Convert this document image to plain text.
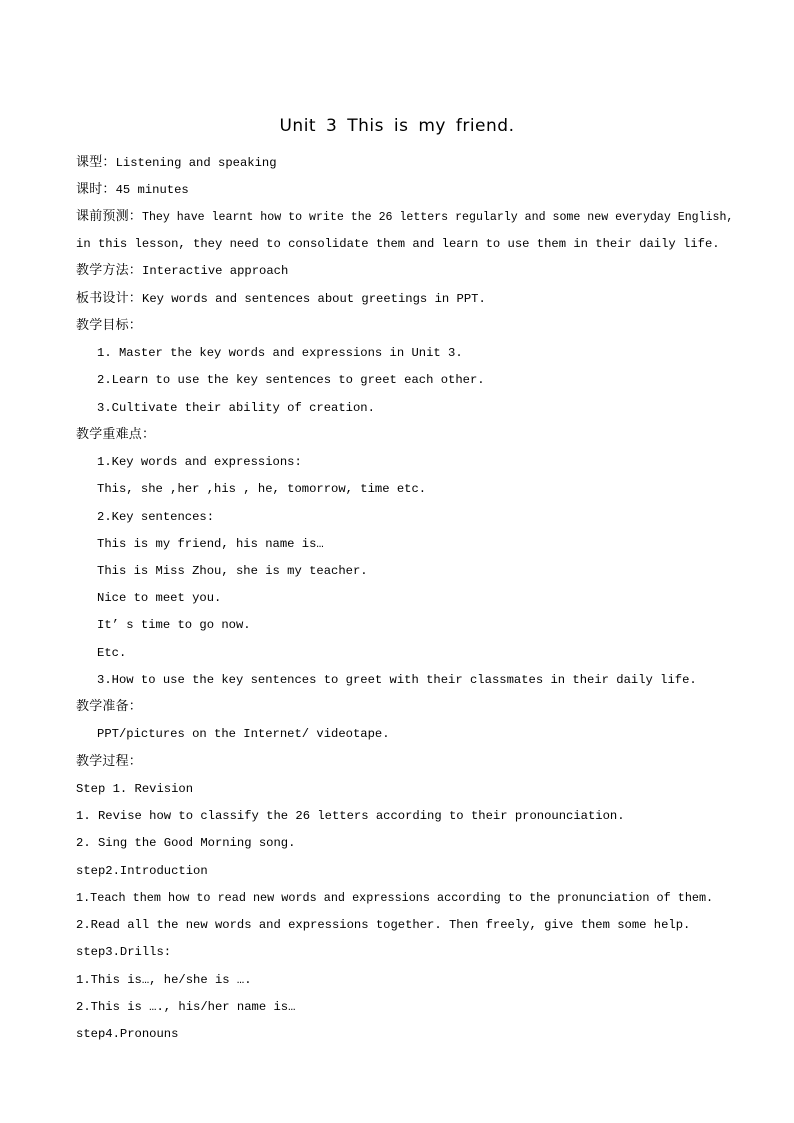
Unit 3 This is my friend.
课型：Listening and speaking
课时：45 minutes
课前预测：They have learnt how to write the 26 letters regularly and some new everyday English,
in this lesson, they need to consolidate them and learn to use them in their daily life.
教学方法：Interactive approach
板书设计：Key words and sentences about greetings in PPT.
教学目标：
1. Master the key words and expressions in Unit 3.
2.Learn to use the key sentences to greet each other.
3.Cultivate their ability of creation.
教学重难点：
1.Key words and expressions:
This, she ,her ,his , he, tomorrow, time etc.
2.Key sentences:
This is my friend, his name is…
This is Miss Zhou, she is my teacher.
Nice to meet you.
It’ s time to go now.
Etc.
3.How to use the key sentences to greet with their classmates in their daily life.
教学准备：
PPT/pictures on the Internet/ videotape.
教学过程：
Step 1. Revision
1. Revise how to classify the 26 letters according to their pronounciation.
2. Sing the Good Morning song.
step2.Introduction
1.Teach them how to read new words and expressions according to the pronunciation of them.
2.Read all the new words and expressions together. Then freely, give them some help.
step3.Drills:
1.This is…, he/she is ….
2.This is …., his/her name is…
step4.Pronouns
